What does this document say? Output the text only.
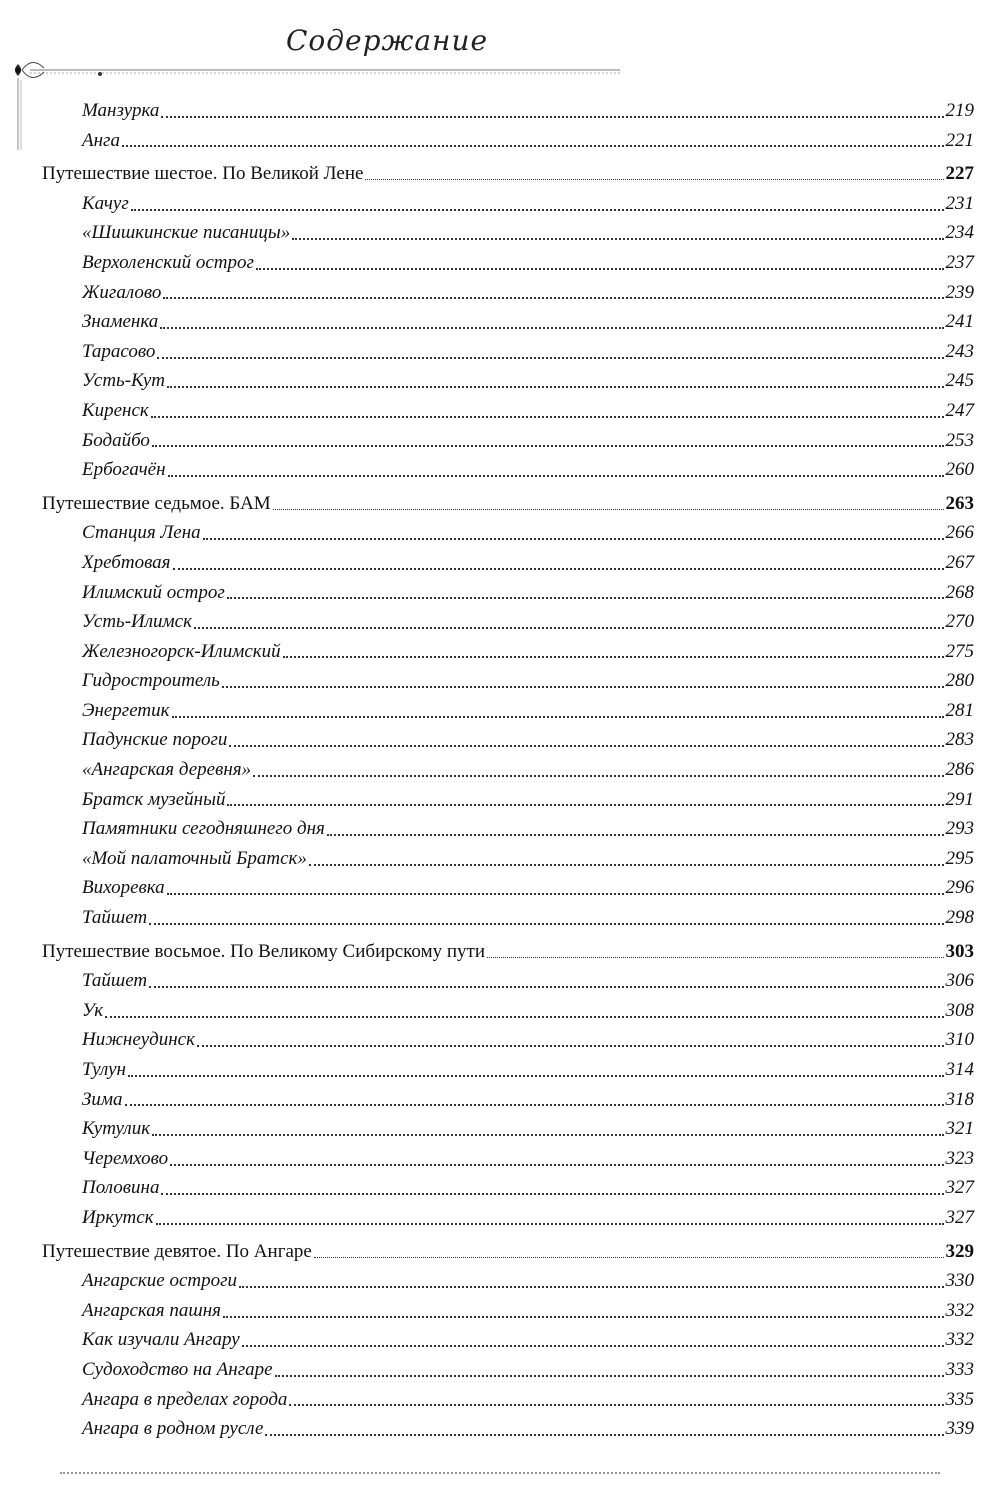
Содержание
Манзурка	219
Анга	221
Путешествие шестое. По Великой Лене	227
Качуг	231
«Шишкинские писаницы»	234
Верхоленский острог	237
Жигалово	239
Знаменка	241
Тарасово	243
Усть-Кут	245
Киренск	247
Бодайбо	253
Ербогачён	260
Путешествие седьмое. БАМ	263
Станция Лена	266
Хребтовая	267
Илимский острог	268
Усть-Илимск	270
Железногорск-Илимский	275
Гидростроитель	280
Энергетик	281
Падунские пороги	283
«Ангарская деревня»	286
Братск музейный	291
Памятники сегодняшнего дня	293
«Мой палаточный Братск»	295
Вихоревка	296
Тайшет	298
Путешествие восьмое. По Великому Сибирскому пути	303
Тайшет	306
Ук	308
Нижнеудинск	310
Тулун	314
Зима	318
Кутулик	321
Черемхово	323
Половина	327
Иркутск	327
Путешествие девятое. По Ангаре	329
Ангарские остроги	330
Ангарская пашня	332
Как изучали Ангару	332
Судоходство на Ангаре	333
Ангара в пределах города	335
Ангара в родном русле	339
